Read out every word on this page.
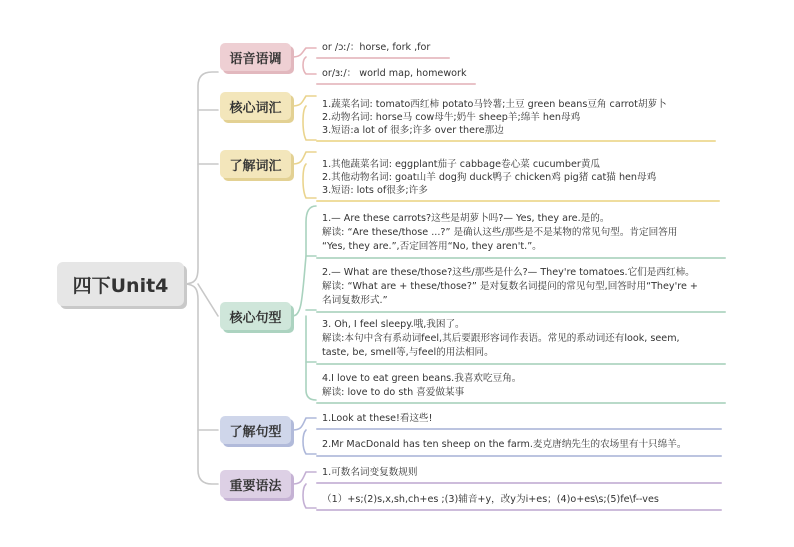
四下Unit4
语音语调
核心词汇
了解词汇
核心句型
了解句型
重要语法
or /ɔː/：horse, fork ,for
or/ɜː/： world map, homework
1.蔬菜名词: tomato西红柿 potato马铃薯;土豆 green beans豆角 carrot胡萝卜
2.动物名词: horse马 cow母牛;奶牛 sheep羊;绵羊 hen母鸡
3.短语:a lot of 很多;许多 over there那边
1.其他蔬菜名词: eggplant茄子 cabbage卷心菜 cucumber黄瓜
2.其他动物名词: goat山羊 dog狗 duck鸭子 chicken鸡 pig猪 cat猫 hen母鸡
3.短语: lots of很多;许多
1.— Are these carrots?这些是胡萝卜吗?— Yes, they are.是的。
解读: “Are these/those ...?” 是确认这些/那些是不是某物的常见句型。肯定回答用
“Yes, they are.”,否定回答用“No, they aren't.”。
2.— What are these/those?这些/那些是什么?— They're tomatoes.它们是西红柿。
解读: “What are + these/those?” 是对复数名词提问的常见句型,回答时用“They're +
名词复数形式.”
3. Oh, I feel sleepy.哦,我困了。
解读:本句中含有系动词feel,其后要跟形容词作表语。常见的系动词还有look, seem,
taste, be, smell等,与feel的用法相同。
4.I love to eat green beans.我喜欢吃豆角。
解读: love to do sth 喜爱做某事
1.Look at these!看这些!
2.Mr MacDonald has ten sheep on the farm.麦克唐纳先生的农场里有十只绵羊。
1.可数名词变复数规则
（1）+s;(2)s,x,sh,ch+es ;(3)辅音+y，改y为i+es；(4)o+es\s;(5)fe\f--ves
